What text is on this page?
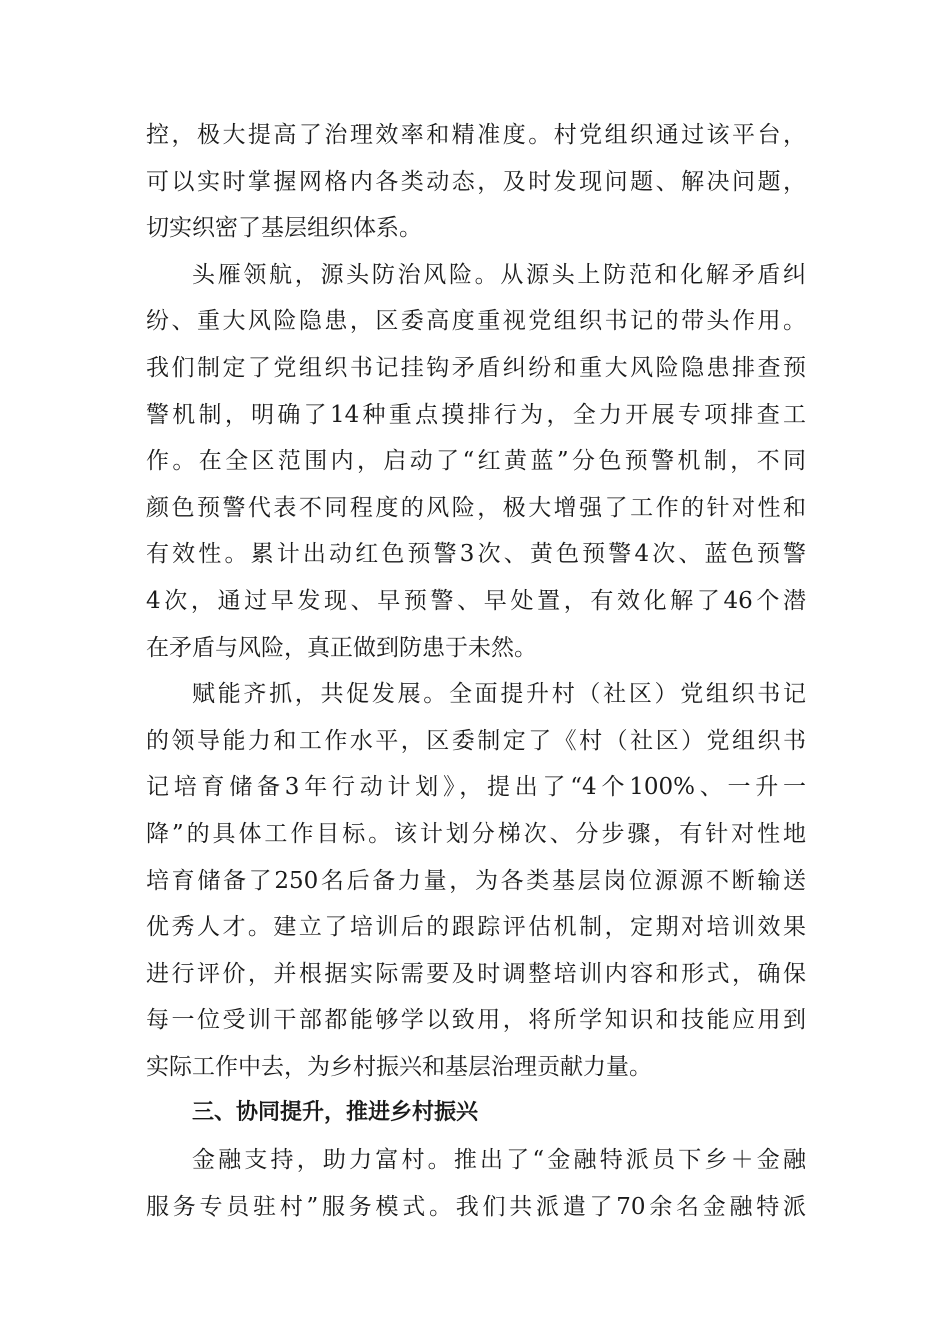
控，极大提高了治理效率和精准度。村党组织通过该平台，
可以实时掌握网格内各类动态，及时发现问题、解决问题，
切实织密了基层组织体系。
头雁领航，源头防治风险。从源头上防范和化解矛盾纠
纷、重大风险隐患，区委高度重视党组织书记的带头作用。
我们制定了党组织书记挂钩矛盾纠纷和重大风险隐患排查预
警机制，明确了14种重点摸排行为，全力开展专项排查工
作。在全区范围内，启动了“红黄蓝”分色预警机制，不同
颜色预警代表不同程度的风险，极大增强了工作的针对性和
有效性。累计出动红色预警3次、黄色预警4次、蓝色预警
4次，通过早发现、早预警、早处置，有效化解了46个潜
在矛盾与风险，真正做到防患于未然。
赋能齐抓，共促发展。全面提升村（社区）党组织书记
的领导能力和工作水平，区委制定了《村（社区）党组织书
记培育储备3年行动计划》，提出了“4个100%、一升一
降”的具体工作目标。该计划分梯次、分步骤，有针对性地
培育储备了250名后备力量，为各类基层岗位源源不断输送
优秀人才。建立了培训后的跟踪评估机制，定期对培训效果
进行评价，并根据实际需要及时调整培训内容和形式，确保
每一位受训干部都能够学以致用，将所学知识和技能应用到
实际工作中去，为乡村振兴和基层治理贡献力量。
三、协同提升，推进乡村振兴
金融支持，助力富村。推出了“金融特派员下乡＋金融
服务专员驻村”服务模式。我们共派遣了70余名金融特派
